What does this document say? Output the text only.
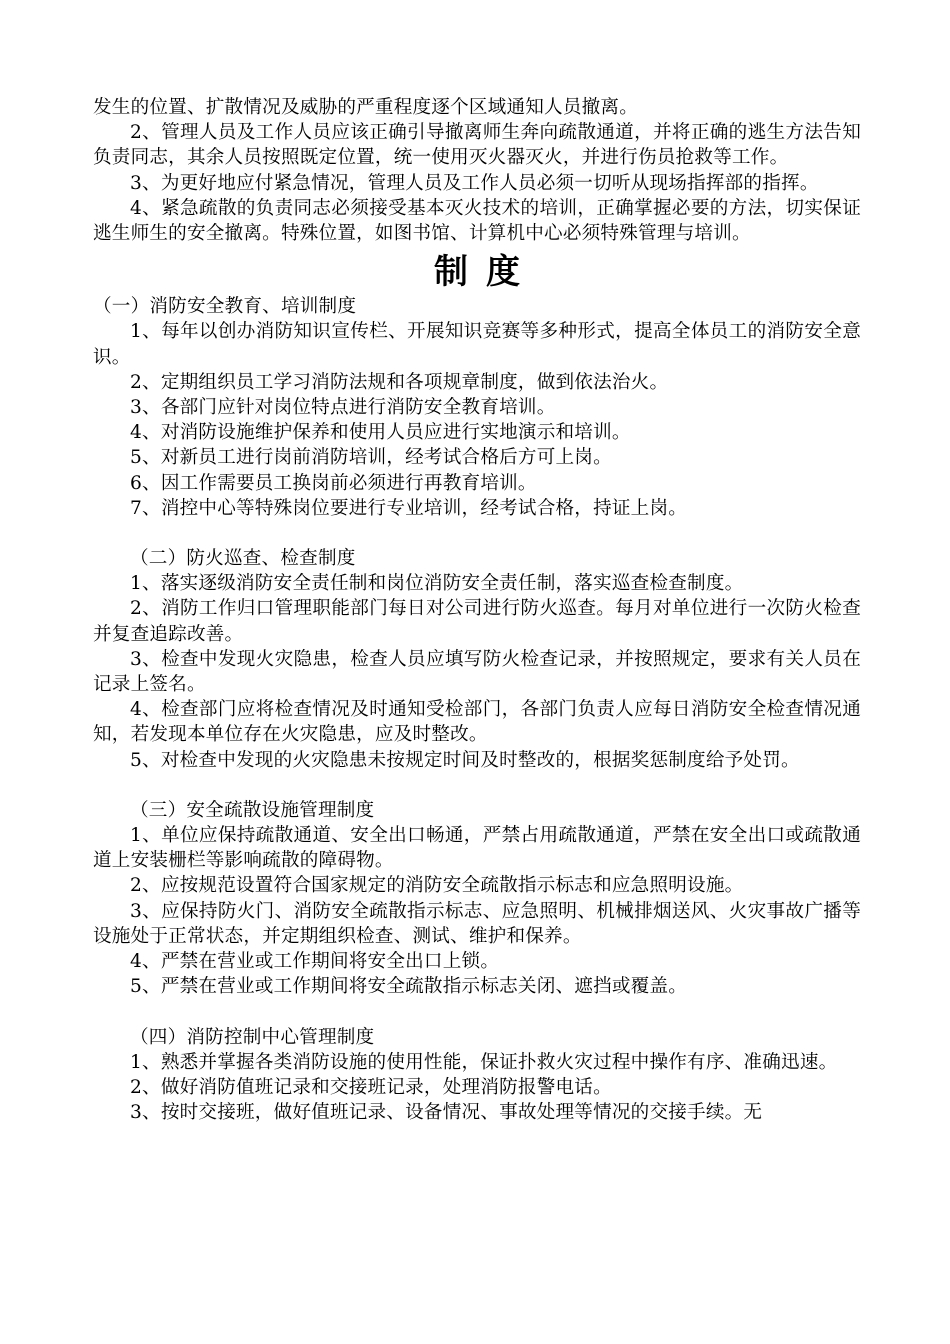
发生的位置、扩散情况及威胁的严重程度逐个区域通知人员撤离。

2、管理人员及工作人员应该正确引导撤离师生奔向疏散通道，并将正确的逃生方法告知负责同志，其余人员按照既定位置，统一使用灭火器灭火，并进行伤员抢救等工作。

3、为更好地应付紧急情况，管理人员及工作人员必须一切听从现场指挥部的指挥。

4、紧急疏散的负责同志必须接受基本灭火技术的培训，正确掌握必要的方法，切实保证逃生师生的安全撤离。特殊位置，如图书馆、计算机中心必须特殊管理与培训。

制度

（一）消防安全教育、培训制度

1、每年以创办消防知识宣传栏、开展知识竞赛等多种形式，提高全体员工的消防安全意识。

2、定期组织员工学习消防法规和各项规章制度，做到依法治火。

3、各部门应针对岗位特点进行消防安全教育培训。

4、对消防设施维护保养和使用人员应进行实地演示和培训。

5、对新员工进行岗前消防培训，经考试合格后方可上岗。

6、因工作需要员工换岗前必须进行再教育培训。

7、消控中心等特殊岗位要进行专业培训，经考试合格，持证上岗。

（二）防火巡查、检查制度

1、落实逐级消防安全责任制和岗位消防安全责任制，落实巡查检查制度。

2、消防工作归口管理职能部门每日对公司进行防火巡查。每月对单位进行一次防火检查并复查追踪改善。

3、检查中发现火灾隐患，检查人员应填写防火检查记录，并按照规定，要求有关人员在记录上签名。

4、检查部门应将检查情况及时通知受检部门，各部门负责人应每日消防安全检查情况通知，若发现本单位存在火灾隐患，应及时整改。

5、对检查中发现的火灾隐患未按规定时间及时整改的，根据奖惩制度给予处罚。

（三）安全疏散设施管理制度

1、单位应保持疏散通道、安全出口畅通，严禁占用疏散通道，严禁在安全出口或疏散通道上安装栅栏等影响疏散的障碍物。

2、应按规范设置符合国家规定的消防安全疏散指示标志和应急照明设施。

3、应保持防火门、消防安全疏散指示标志、应急照明、机械排烟送风、火灾事故广播等设施处于正常状态，并定期组织检查、测试、维护和保养。

4、严禁在营业或工作期间将安全出口上锁。

5、严禁在营业或工作期间将安全疏散指示标志关闭、遮挡或覆盖。

（四）消防控制中心管理制度

1、熟悉并掌握各类消防设施的使用性能，保证扑救火灾过程中操作有序、准确迅速。

2、做好消防值班记录和交接班记录，处理消防报警电话。

3、按时交接班，做好值班记录、设备情况、事故处理等情况的交接手续。无
